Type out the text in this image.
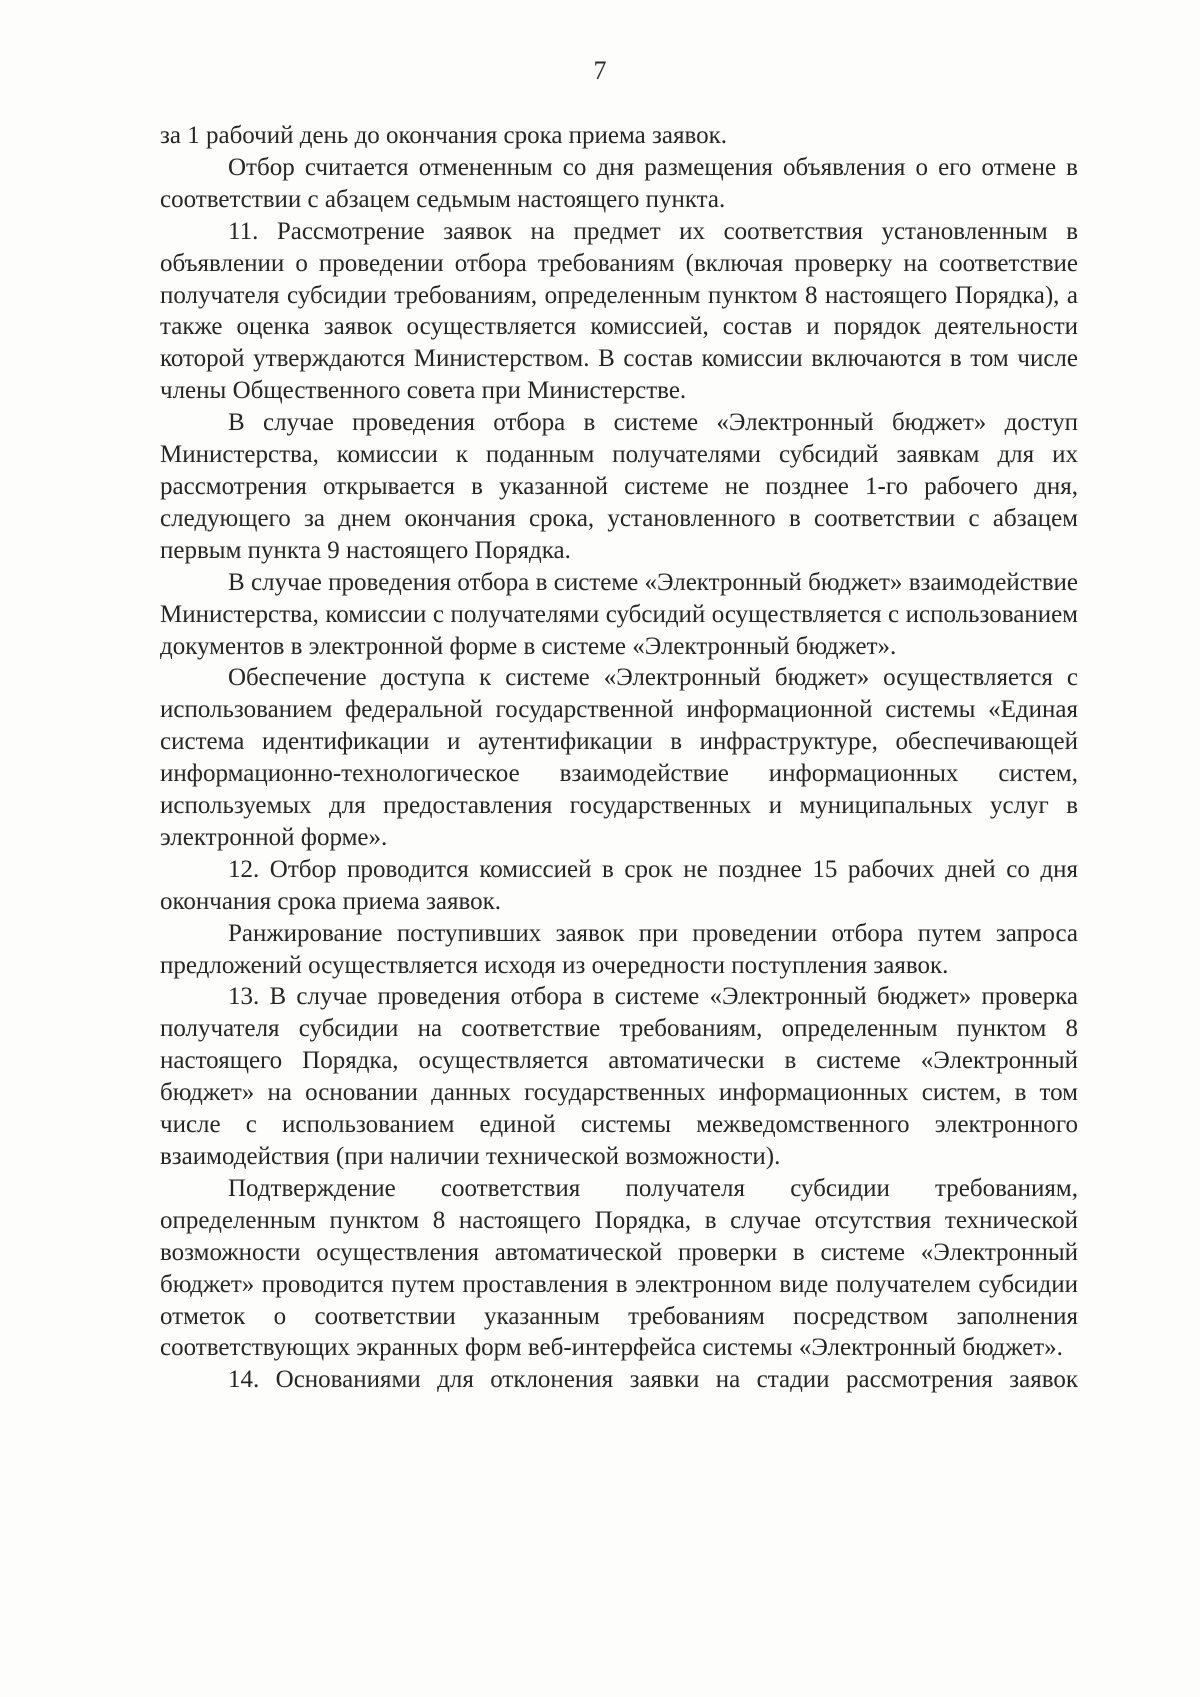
7

за 1 рабочий день до окончания срока приема заявок.

Отбор считается отмененным со дня размещения объявления о его отмене в соответствии с абзацем седьмым настоящего пункта.

11. Рассмотрение заявок на предмет их соответствия установленным в объявлении о проведении отбора требованиям (включая проверку на соответствие получателя субсидии требованиям, определенным пунктом 8 настоящего Порядка), а также оценка заявок осуществляется комиссией, состав и порядок деятельности которой утверждаются Министерством. В состав комиссии включаются в том числе члены Общественного совета при Министерстве.

В случае проведения отбора в системе «Электронный бюджет» доступ Министерства, комиссии к поданным получателями субсидий заявкам для их рассмотрения открывается в указанной системе не позднее 1-го рабочего дня, следующего за днем окончания срока, установленного в соответствии с абзацем первым пункта 9 настоящего Порядка.

В случае проведения отбора в системе «Электронный бюджет» взаимодействие Министерства, комиссии с получателями субсидий осуществляется с использованием документов в электронной форме в системе «Электронный бюджет».

Обеспечение доступа к системе «Электронный бюджет» осуществляется с использованием федеральной государственной информационной системы «Единая система идентификации и аутентификации в инфраструктуре, обеспечивающей информационно-технологическое взаимодействие информационных систем, используемых для предоставления государственных и муниципальных услуг в электронной форме».

12. Отбор проводится комиссией в срок не позднее 15 рабочих дней со дня окончания срока приема заявок.

Ранжирование поступивших заявок при проведении отбора путем запроса предложений осуществляется исходя из очередности поступления заявок.

13. В случае проведения отбора в системе «Электронный бюджет» проверка получателя субсидии на соответствие требованиям, определенным пунктом 8 настоящего Порядка, осуществляется автоматически в системе «Электронный бюджет» на основании данных государственных информационных систем, в том числе с использованием единой системы межведомственного электронного взаимодействия (при наличии технической возможности).

Подтверждение соответствия получателя субсидии требованиям, определенным пунктом 8 настоящего Порядка, в случае отсутствия технической возможности осуществления автоматической проверки в системе «Электронный бюджет» проводится путем проставления в электронном виде получателем субсидии отметок о соответствии указанным требованиям посредством заполнения соответствующих экранных форм веб-интерфейса системы «Электронный бюджет».

14. Основаниями для отклонения заявки на стадии рассмотрения заявок
